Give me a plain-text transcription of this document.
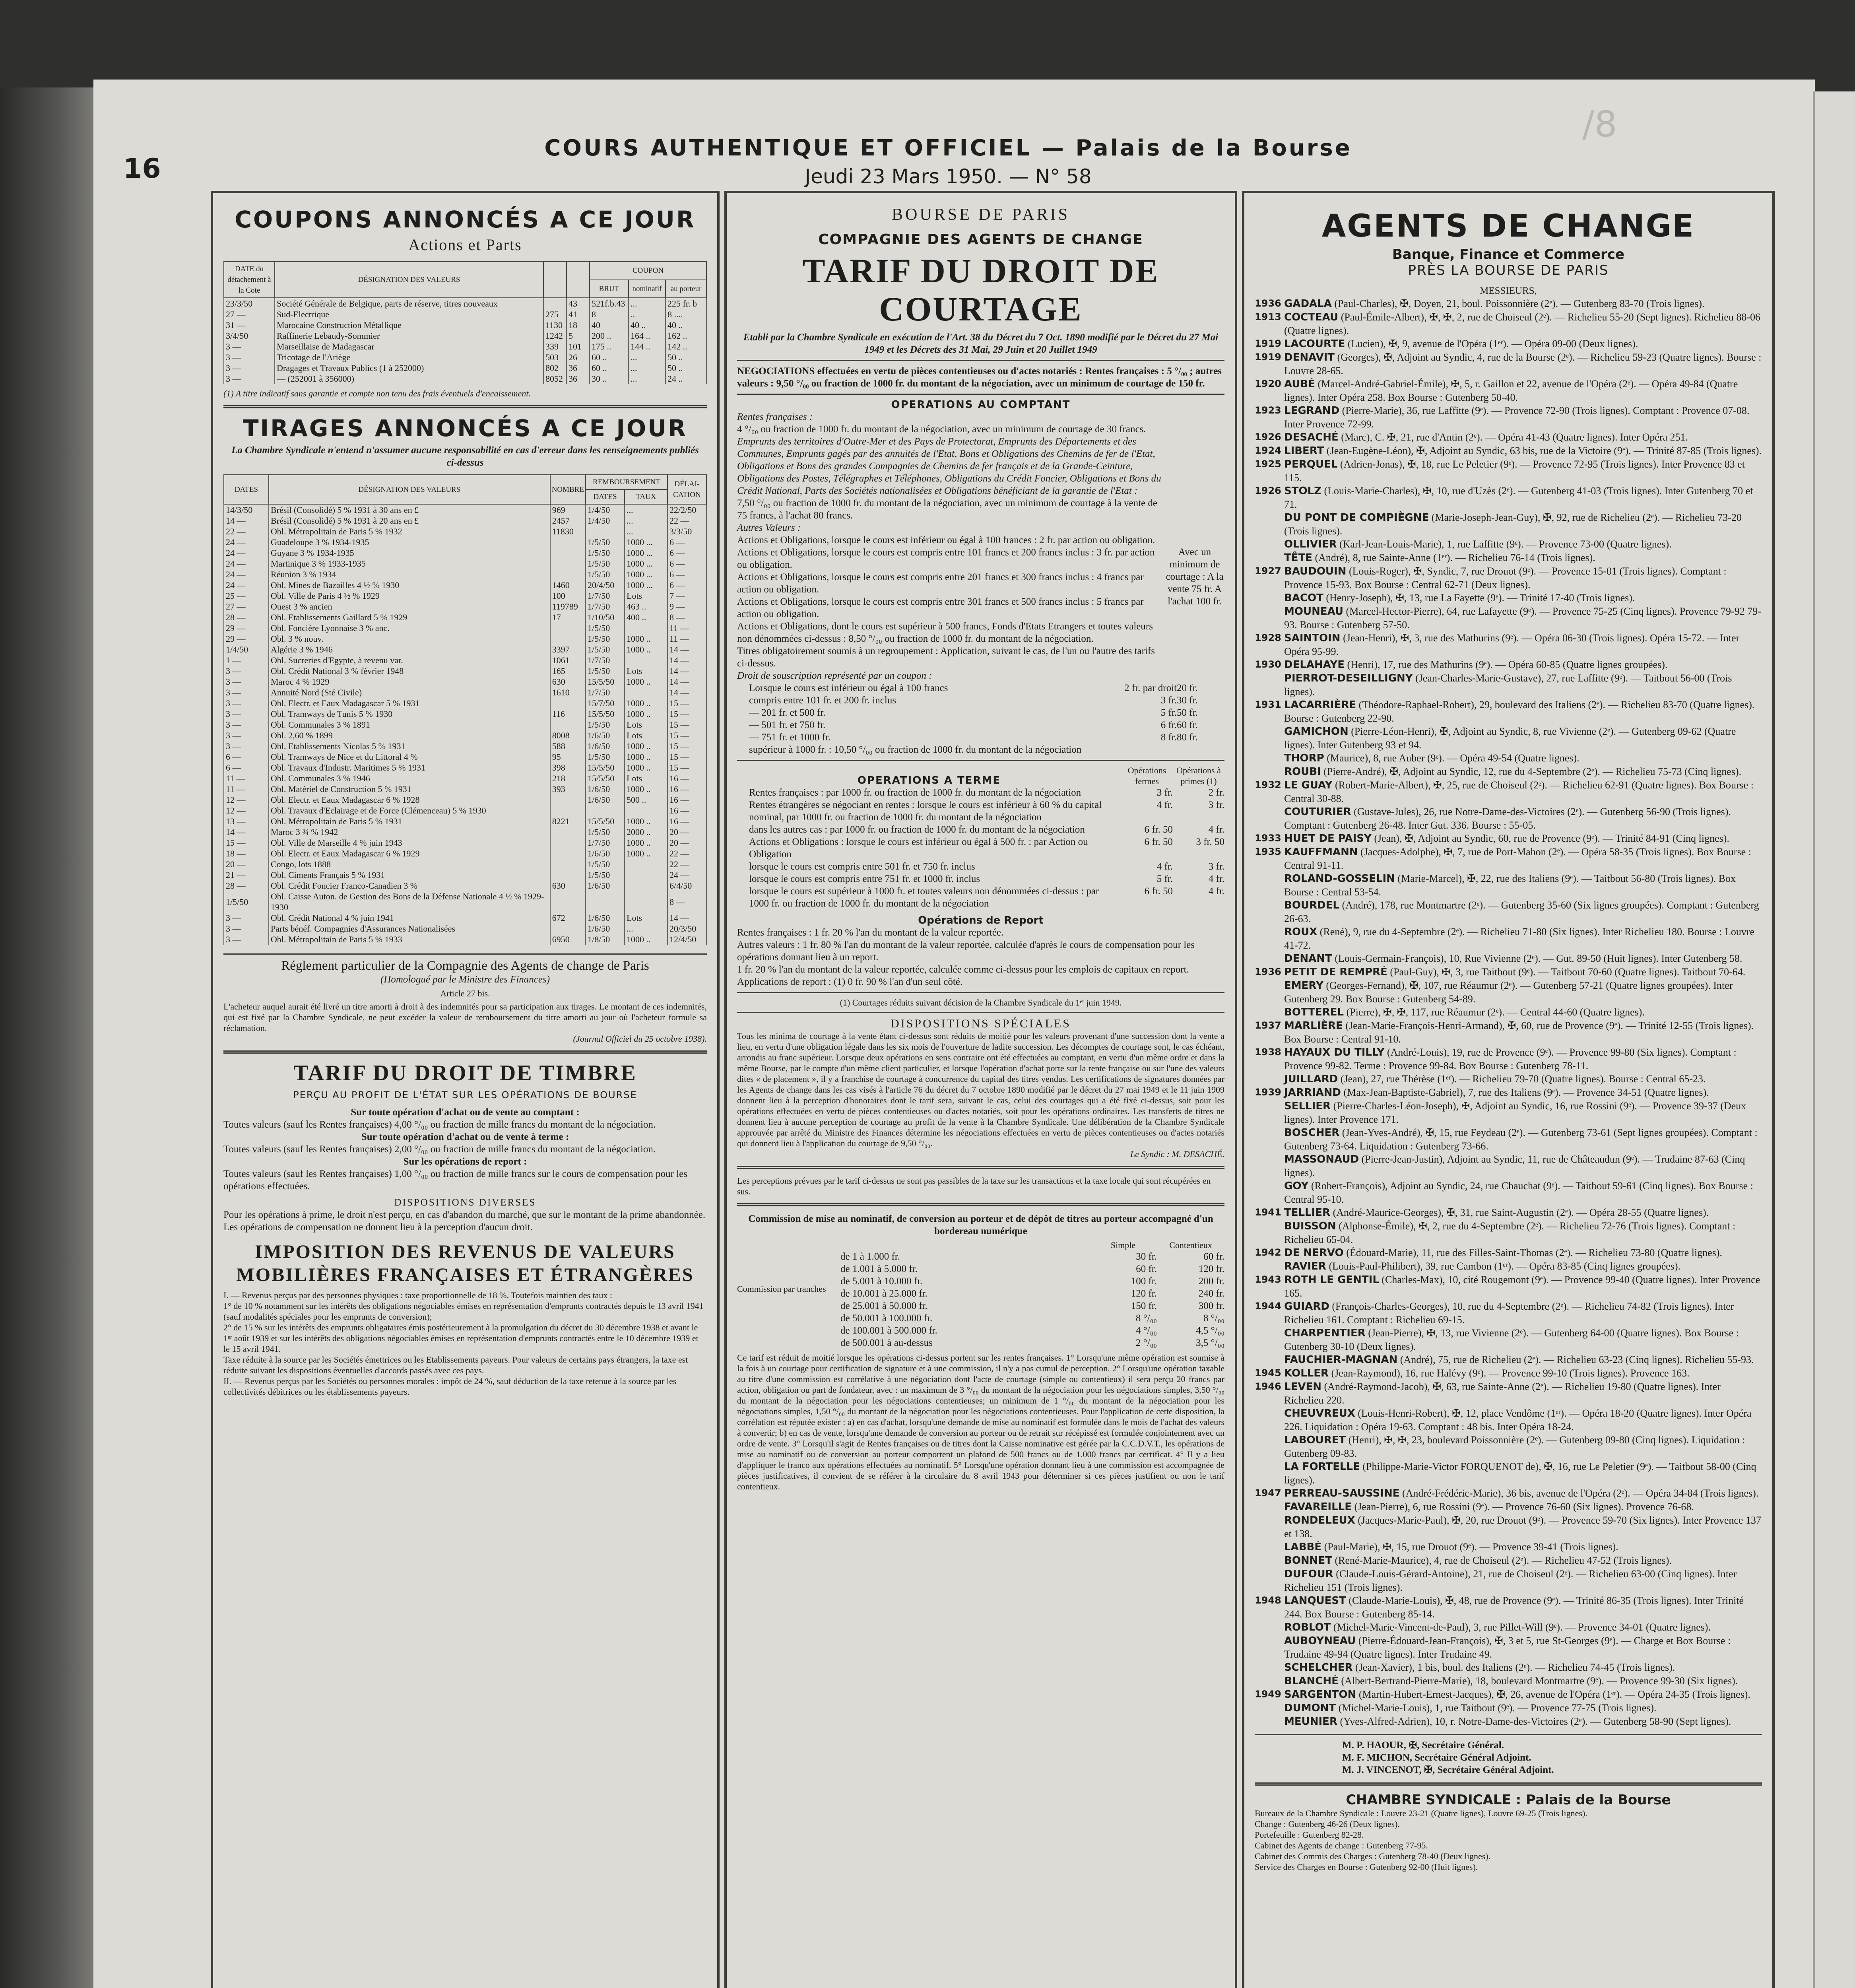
/8
16
COURS AUTHENTIQUE ET OFFICIEL — Palais de la Bourse
Jeudi 23 Mars 1950. — N° 58
COUPONS ANNONCÉS A CE JOUR
Actions et Parts
DATE du détachement à la Cote	DÉSIGNATION DES VALEURS			COUPON		
				BRUT	nominatif	au porteur
23/3/50	Société Générale de Belgique, parts de réserve, titres nouveaux		43	521f.b.43	...	225 fr. b
27 —	Sud-Electrique	275	41	8	..	8 ....
31 —	Marocaine Construction Métallique	1130	18	40	40 ..	40 ..
3/4/50	Raffinerie Lebaudy-Sommier	1242	5	200 ..	164 ..	162 ..
3 —	Marseillaise de Madagascar	339	101	175 ..	144 ..	142 ..
3 —	Tricotage de l'Ariège	503	26	60 ..	...	50 ..
3 —	Dragages et Travaux Publics (1 à 252000)	802	36	60 ..	...	50 ..
3 —	— (252001 à 356000)	8052	36	30 ..	...	24 ..
(1) A titre indicatif sans garantie et compte non tenu des frais éventuels d'encaissement.
TIRAGES ANNONCÉS A CE JOUR
La Chambre Syndicale n'entend n'assumer aucune responsabilité en cas d'erreur dans les renseignements publiés ci-dessus
DATES	DÉSIGNATION DES VALEURS	NOMBRE	REMBOURSEMENT		DÉLAI-CATION
			DATES	TAUX	
14/3/50	Brésil (Consolidé) 5 % 1931 à 30 ans en £	969	1/4/50	...	22/2/50
14 —	Brésil (Consolidé) 5 % 1931 à 20 ans en £	2457	1/4/50	...	22 —
22 —	Obl. Métropolitain de Paris 5 % 1932	11830		...	3/3/50
24 —	Guadeloupe 3 % 1934-1935		1/5/50	1000 ...	6 —
24 —	Guyane 3 % 1934-1935		1/5/50	1000 ...	6 —
24 —	Martinique 3 % 1933-1935		1/5/50	1000 ...	6 —
24 —	Réunion 3 % 1934		1/5/50	1000 ...	6 —
24 —	Obl. Mines de Bazailles 4 ½ % 1930	1460	20/4/50	1000 ...	6 —
25 —	Obl. Ville de Paris 4 ½ % 1929	100	1/7/50	Lots	7 —
27 —	Ouest 3 % ancien	119789	1/7/50	463 ..	9 —
28 —	Obl. Etablissements Gaillard 5 % 1929	17	1/10/50	400 ..	8 —
29 —	Obl. Foncière Lyonnaise 3 % anc.		1/5/50		11 —
29 —	Obl. 3 % nouv.		1/5/50	1000 ..	11 —
1/4/50	Algérie 3 % 1946	3397	1/5/50	1000 ..	14 —
1 —	Obl. Sucreries d'Egypte, à revenu var.	1061	1/7/50		14 —
3 —	Obl. Crédit National 3 % février 1948	165	1/5/50	Lots	14 —
3 —	Maroc 4 % 1929	630	15/5/50	1000 ..	14 —
3 —	Annuité Nord (Sté Civile)	1610	1/7/50		14 —
3 —	Obl. Electr. et Eaux Madagascar 5 % 1931		15/7/50	1000 ..	15 —
3 —	Obl. Tramways de Tunis 5 % 1930	116	15/5/50	1000 ..	15 —
3 —	Obl. Communales 3 % 1891		1/5/50	Lots	15 —
3 —	Obl. 2,60 % 1899	8008	1/6/50	Lots	15 —
3 —	Obl. Etablissements Nicolas 5 % 1931	588	1/6/50	1000 ..	15 —
6 —	Obl. Tramways de Nice et du Littoral 4 %	95	1/5/50	1000 ..	15 —
6 —	Obl. Travaux d'Industr. Maritimes 5 % 1931	398	15/5/50	1000 ..	15 —
11 —	Obl. Communales 3 % 1946	218	15/5/50	Lots	16 —
11 —	Obl. Matériel de Construction 5 % 1931	393	1/6/50	1000 ..	16 —
12 —	Obl. Electr. et Eaux Madagascar 6 % 1928		1/6/50	500 ..	16 —
12 —	Obl. Travaux d'Eclairage et de Force (Clémenceau) 5 % 1930				16 —
13 —	Obl. Métropolitain de Paris 5 % 1931	8221	15/5/50	1000 ..	16 —
14 —	Maroc 3 ¾ % 1942		1/5/50	2000 ..	20 —
15 —	Obl. Ville de Marseille 4 % juin 1943		1/7/50	1000 ..	20 —
18 —	Obl. Electr. et Eaux Madagascar 6 % 1929		1/6/50	1000 ..	22 —
20 —	Congo, lots 1888		1/5/50		22 —
21 —	Obl. Ciments Français 5 % 1931		1/5/50		24 —
28 —	Obl. Crédit Foncier Franco-Canadien 3 %	630	1/6/50		6/4/50
1/5/50	Obl. Caisse Auton. de Gestion des Bons de la Défense Nationale 4 ½ % 1929-1930				8 —
3 —	Obl. Crédit National 4 % juin 1941	672	1/6/50	Lots	14 —
3 —	Parts bénéf. Compagnies d'Assurances Nationalisées		1/6/50	...	20/3/50
3 —	Obl. Métropolitain de Paris 5 % 1933	6950	1/8/50	1000 ..	12/4/50
Réglement particulier de la Compagnie des Agents de change de Paris
(Homologué par le Ministre des Finances)
Article 27 bis.
L'acheteur auquel aurait été livré un titre amorti à droit à des indemnités pour sa participation aux tirages. Le montant de ces indemnités, qui est fixé par la Chambre Syndicale, ne peut excéder la valeur de remboursement du titre amorti au jour où l'acheteur formule sa réclamation.
(Journal Officiel du 25 octobre 1938).
TARIF DU DROIT DE TIMBRE
PERÇU AU PROFIT DE L'ÉTAT SUR LES OPÉRATIONS DE BOURSE
Sur toute opération d'achat ou de vente au comptant :
Toutes valeurs (sauf les Rentes françaises) 4,00 °/₀₀ ou fraction de mille francs du montant de la négociation.
Sur toute opération d'achat ou de vente à terme :
Toutes valeurs (sauf les Rentes françaises) 2,00 °/₀₀ ou fraction de mille francs du montant de la négociation.
Sur les opérations de report :
Toutes valeurs (sauf les Rentes françaises) 1,00 °/₀₀ ou fraction de mille francs sur le cours de compensation pour les opérations effectuées.
DISPOSITIONS DIVERSES
Pour les opérations à prime, le droit n'est perçu, en cas d'abandon du marché, que sur le montant de la prime abandonnée. Les opérations de compensation ne donnent lieu à la perception d'aucun droit.
IMPOSITION DES REVENUS DE VALEURS MOBILIÈRES FRANÇAISES ET ÉTRANGÈRES
I. — Revenus perçus par des personnes physiques : taxe proportionnelle de 18 %. Toutefois maintien des taux :
1° de 10 % notamment sur les intérêts des obligations négociables émises en représentation d'emprunts contractés depuis le 13 avril 1941 (sauf modalités spéciales pour les emprunts de conversion);
2° de 15 % sur les intérêts des emprunts obligataires émis postérieurement à la promulgation du décret du 30 décembre 1938 et avant le 1ᵉʳ août 1939 et sur les intérêts des obligations négociables émises en représentation d'emprunts contractés entre le 10 décembre 1939 et le 15 avril 1941.
Taxe réduite à la source par les Sociétés émettrices ou les Etablissements payeurs. Pour valeurs de certains pays étrangers, la taxe est réduite suivant les dispositions éventuelles d'accords passés avec ces pays.
II. — Revenus perçus par les Sociétés ou personnes morales : impôt de 24 %, sauf déduction de la taxe retenue à la source par les collectivités débitrices ou les établissements payeurs.
BOURSE DE PARIS
COMPAGNIE DES AGENTS DE CHANGE
TARIF DU DROIT DE COURTAGE
Etabli par la Chambre Syndicale en exécution de l'Art. 38 du Décret du 7 Oct. 1890 modifié par le Décret du 27 Mai 1949 et les Décrets des 31 Mai, 29 Juin et 20 Juillet 1949
NEGOCIATIONS effectuées en vertu de pièces contentieuses ou d'actes notariés : Rentes françaises : 5 °/₀₀ ; autres valeurs : 9,50 °/₀₀ ou fraction de 1000 fr. du montant de la négociation, avec un minimum de courtage de 150 fr.
OPERATIONS AU COMPTANT
Rentes françaises :
4 °/₀₀ ou fraction de 1000 fr. du montant de la négociation, avec un minimum de courtage de 30 francs.
Emprunts des territoires d'Outre-Mer et des Pays de Protectorat, Emprunts des Départements et des Communes, Emprunts gagés par des annuités de l'Etat, Bons et Obligations des Chemins de fer de l'Etat, Obligations et Bons des grandes Compagnies de Chemins de fer français et de la Grande-Ceinture, Obligations des Postes, Télégraphes et Téléphones, Obligations du Crédit Foncier, Obligations et Bons du Crédit National, Parts des Sociétés nationalisées et Obligations bénéficiant de la garantie de l'Etat :
7,50 °/₀₀ ou fraction de 1000 fr. du montant de la négociation, avec un minimum de courtage à la vente de 75 francs, à l'achat 80 francs.
Autres Valeurs :
Actions et Obligations, lorsque le cours est inférieur ou égal à 100 frances : 2 fr. par action ou obligation.
Actions et Obligations, lorsque le cours est compris entre 101 francs et 200 francs inclus : 3 fr. par action ou obligation.
Actions et Obligations, lorsque le cours est compris entre 201 francs et 300 francs inclus : 4 francs par action ou obligation.
Actions et Obligations, lorsque le cours est compris entre 301 francs et 500 francs inclus : 5 francs par action ou obligation.
Actions et Obligations, dont le cours est supérieur à 500 francs, Fonds d'Etats Etrangers et toutes valeurs non dénommées ci-dessus : 8,50 °/₀₀ ou fraction de 1000 fr. du montant de la négociation.
Titres obligatoirement soumis à un regroupement : Application, suivant le cas, de l'un ou l'autre des tarifs ci-dessus.
Droit de souscription représenté par un coupon :
Avec un minimum de courtage : A la vente 75 fr. A l'achat 100 fr.
Lorsque le cours est inférieur ou égal à 100 francs	2 fr. par droit
compris entre 101 fr. et 200 fr. inclus	3 fr.
— 201 fr. et 500 fr.	5 fr.
— 501 fr. et 750 fr.	6 fr.
— 751 fr. et 1000 fr.	8 fr.
supérieur à 1000 fr. : 10,50 °/₀₀ ou fraction de 1000 fr. du montant de la négociation
20 fr.
30 fr.
50 fr.
60 fr.
80 fr.
OPERATIONS A TERME
Opérations fermes
Opérations à primes (1)
Rentes françaises : par 1000 fr. ou fraction de 1000 fr. du montant de la négociation	3 fr.	2 fr.
Rentes étrangères se négociant en rentes : lorsque le cours est inférieur à 60 % du capital nominal, par 1000 fr. ou fraction de 1000 fr. du montant de la négociation
4 fr.	3 fr.
dans les autres cas : par 1000 fr. ou fraction de 1000 fr. du montant de la négociation	6 fr. 50	4 fr.
Actions et Obligations : lorsque le cours est inférieur ou égal à 500 fr. : par Action ou Obligation
6 fr. 50	3 fr. 50
lorsque le cours est compris entre 501 fr. et 750 fr. inclus	4 fr.	3 fr.
lorsque le cours est compris entre 751 fr. et 1000 fr. inclus	5 fr.	4 fr.
lorsque le cours est supérieur à 1000 fr. et toutes valeurs non dénommées ci-dessus : par 1000 fr. ou fraction de 1000 fr. du montant de la négociation
6 fr. 50	4 fr.
Opérations de Report
Rentes françaises : 1 fr. 20 % l'an du montant de la valeur reportée.
Autres valeurs : 1 fr. 80 % l'an du montant de la valeur reportée, calculée d'après le cours de compensation pour les opérations donnant lieu à un report.
1 fr. 20 % l'an du montant de la valeur reportée, calculée comme ci-dessus pour les emplois de capitaux en report.
Applications de report : (1) 0 fr. 90 % l'an d'un seul côté.
(1) Courtages réduits suivant décision de la Chambre Syndicale du 1ᵉʳ juin 1949.
DISPOSITIONS SPÉCIALES
Tous les minima de courtage à la vente étant ci-dessus sont réduits de moitié pour les valeurs provenant d'une succession dont la vente a lieu, en vertu d'une obligation légale dans les six mois de l'ouverture de ladite succession. Les décomptes de courtage sont, le cas échéant, arrondis au franc supérieur. Lorsque deux opérations en sens contraire ont été effectuées au comptant, en vertu d'un même ordre et dans la même Bourse, par le compte d'un même client particulier, et lorsque l'opération d'achat porte sur la rente française ou sur l'une des valeurs dites « de placement », il y a franchise de courtage à concurrence du capital des titres vendus. Les certifications de signatures données par les Agents de change dans les cas visés à l'article 76 du décret du 7 octobre 1890 modifié par le décret du 27 mai 1949 et le 11 juin 1909 donnent lieu à la perception d'honoraires dont le tarif sera, suivant le cas, celui des courtages qui a été fixé ci-dessus, soit pour les opérations effectuées en vertu de pièces contentieuses ou d'actes notariés, soit pour les opérations ordinaires. Les transferts de titres ne donnent lieu à aucune perception de courtage au profit de la vente à la Chambre Syndicale. Une délibération de la Chambre Syndicale approuvée par arrêté du Ministre des Finances détermine les négociations effectuées en vertu de pièces contentieuses ou d'actes notariés qui donnent lieu à l'application du courtage de 9,50 °/₀₀.
Le Syndic : M. DESACHÉ.
Les perceptions prévues par le tarif ci-dessus ne sont pas passibles de la taxe sur les transactions et la taxe locale qui sont récupérées en sus.
Commission de mise au nominatif, de conversion au porteur et de dépôt de titres au porteur accompagné d'un bordereau numérique
Commission par tranches
Simple	Contentieux
de 1 à 1.000 fr.	30 fr.	60 fr.
de 1.001 à 5.000 fr.	60 fr.	120 fr.
de 5.001 à 10.000 fr.	100 fr.	200 fr.
de 10.001 à 25.000 fr.	120 fr.	240 fr.
de 25.001 à 50.000 fr.	150 fr.	300 fr.
de 50.001 à 100.000 fr.	8 °/₀₀	8 °/₀₀
de 100.001 à 500.000 fr.	4 °/₀₀	4,5 °/₀₀
de 500.001 à au-dessus	2 °/₀₀	3,5 °/₀₀
Ce tarif est réduit de moitié lorsque les opérations ci-dessus portent sur les rentes françaises. 1° Lorsqu'une même opération est soumise à la fois à un courtage pour certification de signature et à une commission, il n'y a pas cumul de perception. 2° Lorsqu'une opération taxable au titre d'une commission est corrélative à une négociation dont l'acte de courtage (simple ou contentieux) il sera perçu 20 francs par action, obligation ou part de fondateur, avec : un maximum de 3 °/₀₀ du montant de la négociation pour les négociations simples, 3,50 °/₀₀ du montant de la négociation pour les négociations contentieuses; un minimum de 1 °/₀₀ du montant de la négociation pour les négociations simples, 1,50 °/₀₀ du montant de la négociation pour les négociations contentieuses. Pour l'application de cette disposition, la corrélation est réputée exister : a) en cas d'achat, lorsqu'une demande de mise au nominatif est formulée dans le mois de l'achat des valeurs à convertir; b) en cas de vente, lorsqu'une demande de conversion au porteur ou de retrait sur récépissé est formulée conjointement avec un ordre de vente. 3° Lorsqu'il s'agit de Rentes françaises ou de titres dont la Caisse nominative est gérée par la C.C.D.V.T., les opérations de mise au nominatif ou de conversion au porteur comportent un plafond de 500 francs ou de 1.000 francs par certificat. 4° Il y a lieu d'appliquer le franco aux opérations effectuées au nominatif. 5° Lorsqu'une opération donnant lieu à une commission est accompagnée de pièces justificatives, il convient de se référer à la circulaire du 8 avril 1943 pour déterminer si ces pièces justifient ou non le tarif contentieux.
AGENTS DE CHANGE
Banque, Finance et Commerce
PRÈS LA BOURSE DE PARIS
MESSIEURS,
1936 GADALA (Paul-Charles), ✠, Doyen, 21, boul. Poissonnière (2ᵉ). — Gutenberg 83-70 (Trois lignes).
1913 COCTEAU (Paul-Émile-Albert), ✠, ✠, 2, rue de Choiseul (2ᵉ). — Richelieu 55-20 (Sept lignes). Richelieu 88-06 (Quatre lignes).
1919 LACOURTE (Lucien), ✠, 9, avenue de l'Opéra (1ᵉʳ). — Opéra 09-00 (Deux lignes).
1919 DENAVIT (Georges), ✠, Adjoint au Syndic, 4, rue de la Bourse (2ᵉ). — Richelieu 59-23 (Quatre lignes). Bourse : Louvre 28-65.
1920 AUBÉ (Marcel-André-Gabriel-Émile), ✠, 5, r. Gaillon et 22, avenue de l'Opéra (2ᵉ). — Opéra 49-84 (Quatre lignes). Inter Opéra 258. Box Bourse : Gutenberg 50-40.
1923 LEGRAND (Pierre-Marie), 36, rue Laffitte (9ᵉ). — Provence 72-90 (Trois lignes). Comptant : Provence 07-08. Inter Provence 72-99.
1926 DESACHÉ (Marc), C. ✠, 21, rue d'Antin (2ᵉ). — Opéra 41-43 (Quatre lignes). Inter Opéra 251.
1924 LIBERT (Jean-Eugène-Léon), ✠, Adjoint au Syndic, 63 bis, rue de la Victoire (9ᵉ). — Trinité 87-85 (Trois lignes).
1925 PERQUEL (Adrien-Jonas), ✠, 18, rue Le Peletier (9ᵉ). — Provence 72-95 (Trois lignes). Inter Provence 83 et 115.
1926 STOLZ (Louis-Marie-Charles), ✠, 10, rue d'Uzès (2ᵉ). — Gutenberg 41-03 (Trois lignes). Inter Gutenberg 70 et 71.
DU PONT DE COMPIÈGNE (Marie-Joseph-Jean-Guy), ✠, 92, rue de Richelieu (2ᵉ). — Richelieu 73-20 (Trois lignes).
OLLIVIER (Karl-Jean-Louis-Marie), 1, rue Laffitte (9ᵉ). — Provence 73-00 (Quatre lignes).
TÊTE (André), 8, rue Sainte-Anne (1ᵉʳ). — Richelieu 76-14 (Trois lignes).
1927 BAUDOUIN (Louis-Roger), ✠, Syndic, 7, rue Drouot (9ᵉ). — Provence 15-01 (Trois lignes). Comptant : Provence 15-93. Box Bourse : Central 62-71 (Deux lignes).
BACOT (Henry-Joseph), ✠, 13, rue La Fayette (9ᵉ). — Trinité 17-40 (Trois lignes).
MOUNEAU (Marcel-Hector-Pierre), 64, rue Lafayette (9ᵉ). — Provence 75-25 (Cinq lignes). Provence 79-92 79-93. Bourse : Gutenberg 57-50.
1928 SAINTOIN (Jean-Henri), ✠, 3, rue des Mathurins (9ᵉ). — Opéra 06-30 (Trois lignes). Opéra 15-72. — Inter Opéra 95-99.
1930 DELAHAYE (Henri), 17, rue des Mathurins (9ᵉ). — Opéra 60-85 (Quatre lignes groupées).
PIERROT-DESEILLIGNY (Jean-Charles-Marie-Gustave), 27, rue Laffitte (9ᵉ). — Taitbout 56-00 (Trois lignes).
1931 LACARRIÈRE (Théodore-Raphael-Robert), 29, boulevard des Italiens (2ᵉ). — Richelieu 83-70 (Quatre lignes). Bourse : Gutenberg 22-90.
GAMICHON (Pierre-Léon-Henri), ✠, Adjoint au Syndic, 8, rue Vivienne (2ᵉ). — Gutenberg 09-62 (Quatre lignes). Inter Gutenberg 93 et 94.
THORP (Maurice), 8, rue Auber (9ᵉ). — Opéra 49-54 (Quatre lignes).
ROUBI (Pierre-André), ✠, Adjoint au Syndic, 12, rue du 4-Septembre (2ᵉ). — Richelieu 75-73 (Cinq lignes).
1932 LE GUAY (Robert-Marie-Albert), ✠, 25, rue de Choiseul (2ᵉ). — Richelieu 62-91 (Quatre lignes). Box Bourse : Central 30-88.
COUTURIER (Gustave-Jules), 26, rue Notre-Dame-des-Victoires (2ᵉ). — Gutenberg 56-90 (Trois lignes). Comptant : Gutenberg 26-48. Inter Gut. 336. Bourse : 55-05.
1933 HUET DE PAISY (Jean), ✠, Adjoint au Syndic, 60, rue de Provence (9ᵉ). — Trinité 84-91 (Cinq lignes).
1935 KAUFFMANN (Jacques-Adolphe), ✠, 7, rue de Port-Mahon (2ᵉ). — Opéra 58-35 (Trois lignes). Box Bourse : Central 91-11.
ROLAND-GOSSELIN (Marie-Marcel), ✠, 22, rue des Italiens (9ᵉ). — Taitbout 56-80 (Trois lignes). Box Bourse : Central 53-54.
BOURDEL (André), 178, rue Montmartre (2ᵉ). — Gutenberg 35-60 (Six lignes groupées). Comptant : Gutenberg 26-63.
ROUX (René), 9, rue du 4-Septembre (2ᵉ). — Richelieu 71-80 (Six lignes). Inter Richelieu 180. Bourse : Louvre 41-72.
DENANT (Louis-Germain-François), 10, Rue Vivienne (2ᵉ). — Gut. 89-50 (Huit lignes). Inter Gutenberg 58.
1936 PETIT DE REMPRÉ (Paul-Guy), ✠, 3, rue Taitbout (9ᵉ). — Taitbout 70-60 (Quatre lignes). Taitbout 70-64.
EMERY (Georges-Fernand), ✠, 107, rue Réaumur (2ᵉ). — Gutenberg 57-21 (Quatre lignes groupées). Inter Gutenberg 29. Box Bourse : Gutenberg 54-89.
BOTTEREL (Pierre), ✠, ✠, 117, rue Réaumur (2ᵉ). — Central 44-60 (Quatre lignes).
1937 MARLIÈRE (Jean-Marie-François-Henri-Armand), ✠, 60, rue de Provence (9ᵉ). — Trinité 12-55 (Trois lignes). Box Bourse : Central 91-10.
1938 HAYAUX DU TILLY (André-Louis), 19, rue de Provence (9ᵉ). — Provence 99-80 (Six lignes). Comptant : Provence 99-82. Terme : Provence 99-84. Box Bourse : Gutenberg 78-11.
JUILLARD (Jean), 27, rue Thérèse (1ᵉʳ). — Richelieu 79-70 (Quatre lignes). Bourse : Central 65-23.
1939 JARRIAND (Max-Jean-Baptiste-Gabriel), 7, rue des Italiens (9ᵉ). — Provence 34-51 (Quatre lignes).
SELLIER (Pierre-Charles-Léon-Joseph), ✠, Adjoint au Syndic, 16, rue Rossini (9ᵉ). — Provence 39-37 (Deux lignes). Inter Provence 171.
BOSCHER (Jean-Yves-André), ✠, 15, rue Feydeau (2ᵉ). — Gutenberg 73-61 (Sept lignes groupées). Comptant : Gutenberg 73-64. Liquidation : Gutenberg 73-66.
MASSONAUD (Pierre-Jean-Justin), Adjoint au Syndic, 11, rue de Châteaudun (9ᵉ). — Trudaine 87-63 (Cinq lignes).
GOY (Robert-François), Adjoint au Syndic, 24, rue Chauchat (9ᵉ). — Taitbout 59-61 (Cinq lignes). Box Bourse : Central 95-10.
1941 TELLIER (André-Maurice-Georges), ✠, 31, rue Saint-Augustin (2ᵉ). — Opéra 28-55 (Quatre lignes).
BUISSON (Alphonse-Émile), ✠, 2, rue du 4-Septembre (2ᵉ). — Richelieu 72-76 (Trois lignes). Comptant : Richelieu 65-04.
1942 DE NERVO (Édouard-Marie), 11, rue des Filles-Saint-Thomas (2ᵉ). — Richelieu 73-80 (Quatre lignes).
RAVIER (Louis-Paul-Philibert), 39, rue Cambon (1ᵉʳ). — Opéra 83-85 (Cinq lignes groupées).
1943 ROTH LE GENTIL (Charles-Max), 10, cité Rougemont (9ᵉ). — Provence 99-40 (Quatre lignes). Inter Provence 165.
1944 GUIARD (François-Charles-Georges), 10, rue du 4-Septembre (2ᵉ). — Richelieu 74-82 (Trois lignes). Inter Richelieu 161. Comptant : Richelieu 69-15.
CHARPENTIER (Jean-Pierre), ✠, 13, rue Vivienne (2ᵉ). — Gutenberg 64-00 (Quatre lignes). Box Bourse : Gutenberg 30-10 (Deux lignes).
FAUCHIER-MAGNAN (André), 75, rue de Richelieu (2ᵉ). — Richelieu 63-23 (Cinq lignes). Richelieu 55-93.
1945 KOLLER (Jean-Raymond), 16, rue Halévy (9ᵉ). — Provence 99-10 (Trois lignes). Provence 163.
1946 LEVEN (André-Raymond-Jacob), ✠, 63, rue Sainte-Anne (2ᵉ). — Richelieu 19-80 (Quatre lignes). Inter Richelieu 220.
CHEUVREUX (Louis-Henri-Robert), ✠, 12, place Vendôme (1ᵉʳ). — Opéra 18-20 (Quatre lignes). Inter Opéra 226. Liquidation : Opéra 19-63. Comptant : 48 bis. Inter Opéra 18-24.
LABOURET (Henri), ✠, ✠, 23, boulevard Poissonnière (2ᵉ). — Gutenberg 09-80 (Cinq lignes). Liquidation : Gutenberg 09-83.
LA FORTELLE (Philippe-Marie-Victor FORQUENOT de), ✠, 16, rue Le Peletier (9ᵉ). — Taitbout 58-00 (Cinq lignes).
1947 PERREAU-SAUSSINE (André-Frédéric-Marie), 36 bis, avenue de l'Opéra (2ᵉ). — Opéra 34-84 (Trois lignes).
FAVAREILLE (Jean-Pierre), 6, rue Rossini (9ᵉ). — Provence 76-60 (Six lignes). Provence 76-68.
RONDELEUX (Jacques-Marie-Paul), ✠, 20, rue Drouot (9ᵉ). — Provence 59-70 (Six lignes). Inter Provence 137 et 138.
LABBÉ (Paul-Marie), ✠, 15, rue Drouot (9ᵉ). — Provence 39-41 (Trois lignes).
BONNET (René-Marie-Maurice), 4, rue de Choiseul (2ᵉ). — Richelieu 47-52 (Trois lignes).
DUFOUR (Claude-Louis-Gérard-Antoine), 21, rue de Choiseul (2ᵉ). — Richelieu 63-00 (Cinq lignes). Inter Richelieu 151 (Trois lignes).
1948 LANQUEST (Claude-Marie-Louis), ✠, 48, rue de Provence (9ᵉ). — Trinité 86-35 (Trois lignes). Inter Trinité 244. Box Bourse : Gutenberg 85-14.
ROBLOT (Michel-Marie-Vincent-de-Paul), 3, rue Pillet-Will (9ᵉ). — Provence 34-01 (Quatre lignes).
AUBOYNEAU (Pierre-Édouard-Jean-François), ✠, 3 et 5, rue St-Georges (9ᵉ). — Charge et Box Bourse : Trudaine 49-94 (Quatre lignes). Inter Trudaine 49.
SCHELCHER (Jean-Xavier), 1 bis, boul. des Italiens (2ᵉ). — Richelieu 74-45 (Trois lignes).
BLANCHÉ (Albert-Bertrand-Pierre-Marie), 18, boulevard Montmartre (9ᵉ). — Provence 99-30 (Six lignes).
1949 SARGENTON (Martin-Hubert-Ernest-Jacques), ✠, 26, avenue de l'Opéra (1ᵉʳ). — Opéra 24-35 (Trois lignes).
DUMONT (Michel-Marie-Louis), 1, rue Taitbout (9ᵉ). — Provence 77-75 (Trois lignes).
MEUNIER (Yves-Alfred-Adrien), 10, r. Notre-Dame-des-Victoires (2ᵉ). — Gutenberg 58-90 (Sept lignes).
M. P. HAOUR, ✠, Secrétaire Général.
M. F. MICHON, Secrétaire Général Adjoint.
M. J. VINCENOT, ✠, Secrétaire Général Adjoint.
CHAMBRE SYNDICALE : Palais de la Bourse
Bureaux de la Chambre Syndicale : Louvre 23-21 (Quatre lignes), Louvre 69-25 (Trois lignes).
Change : Gutenberg 46-26 (Deux lignes).
Portefeuille : Gutenberg 82-28.
Cabinet des Agents de change : Gutenberg 77-95.
Cabinet des Commis des Charges : Gutenberg 78-40 (Deux lignes).
Service des Charges en Bourse : Gutenberg 92-00 (Huit lignes).
